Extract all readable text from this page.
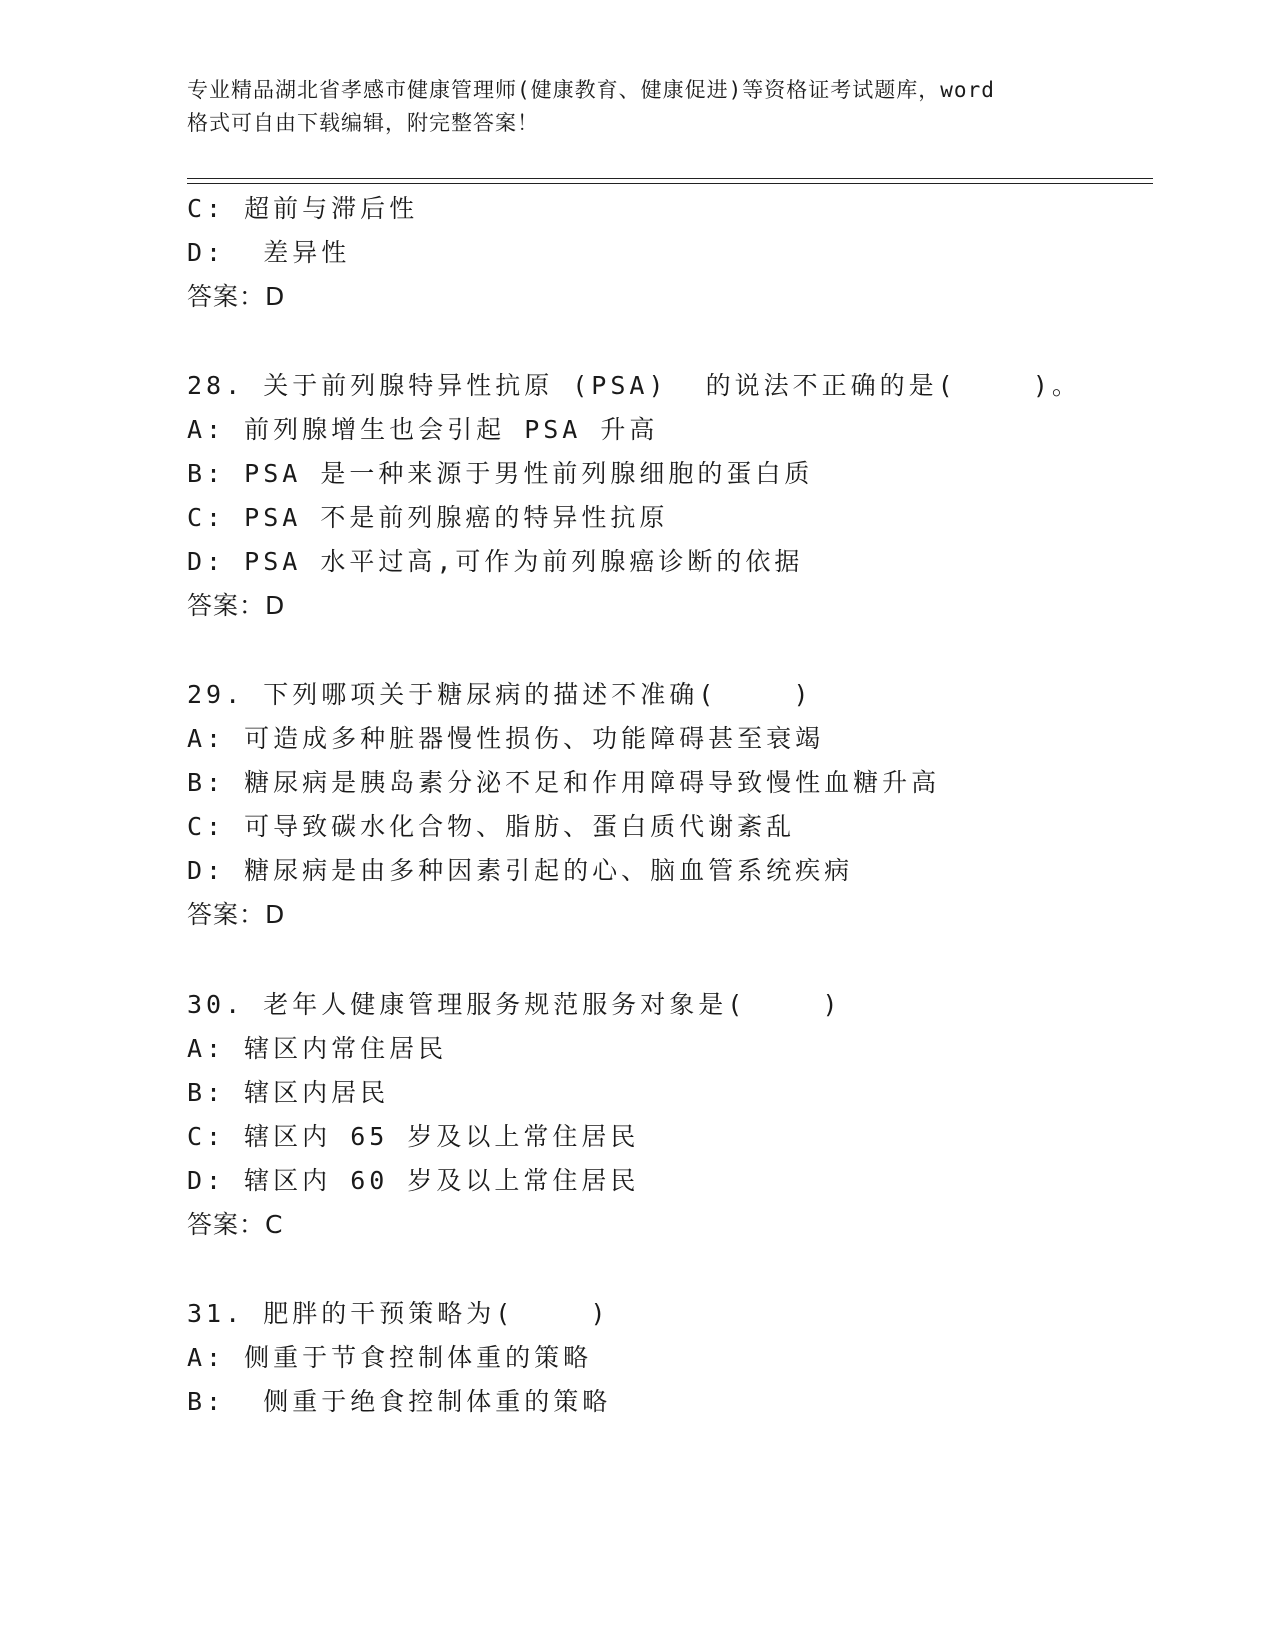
专业精品湖北省孝感市健康管理师(健康教育、健康促进)等资格证考试题库，word
格式可自由下载编辑，附完整答案！
C: 超前与滞后性
D:  差异性
答案：D
28. 关于前列腺特异性抗原 (PSA)  的说法不正确的是(    )。
A: 前列腺增生也会引起 PSA 升高
B: PSA 是一种来源于男性前列腺细胞的蛋白质
C: PSA 不是前列腺癌的特异性抗原
D: PSA 水平过高,可作为前列腺癌诊断的依据
答案：D
29. 下列哪项关于糖尿病的描述不准确(    )
A: 可造成多种脏器慢性损伤、功能障碍甚至衰竭
B: 糖尿病是胰岛素分泌不足和作用障碍导致慢性血糖升高
C: 可导致碳水化合物、脂肪、蛋白质代谢紊乱
D: 糖尿病是由多种因素引起的心、脑血管系统疾病
答案：D
30. 老年人健康管理服务规范服务对象是(    )
A: 辖区内常住居民
B: 辖区内居民
C: 辖区内 65 岁及以上常住居民
D: 辖区内 60 岁及以上常住居民
答案：C
31. 肥胖的干预策略为(    )
A: 侧重于节食控制体重的策略
B:  侧重于绝食控制体重的策略
